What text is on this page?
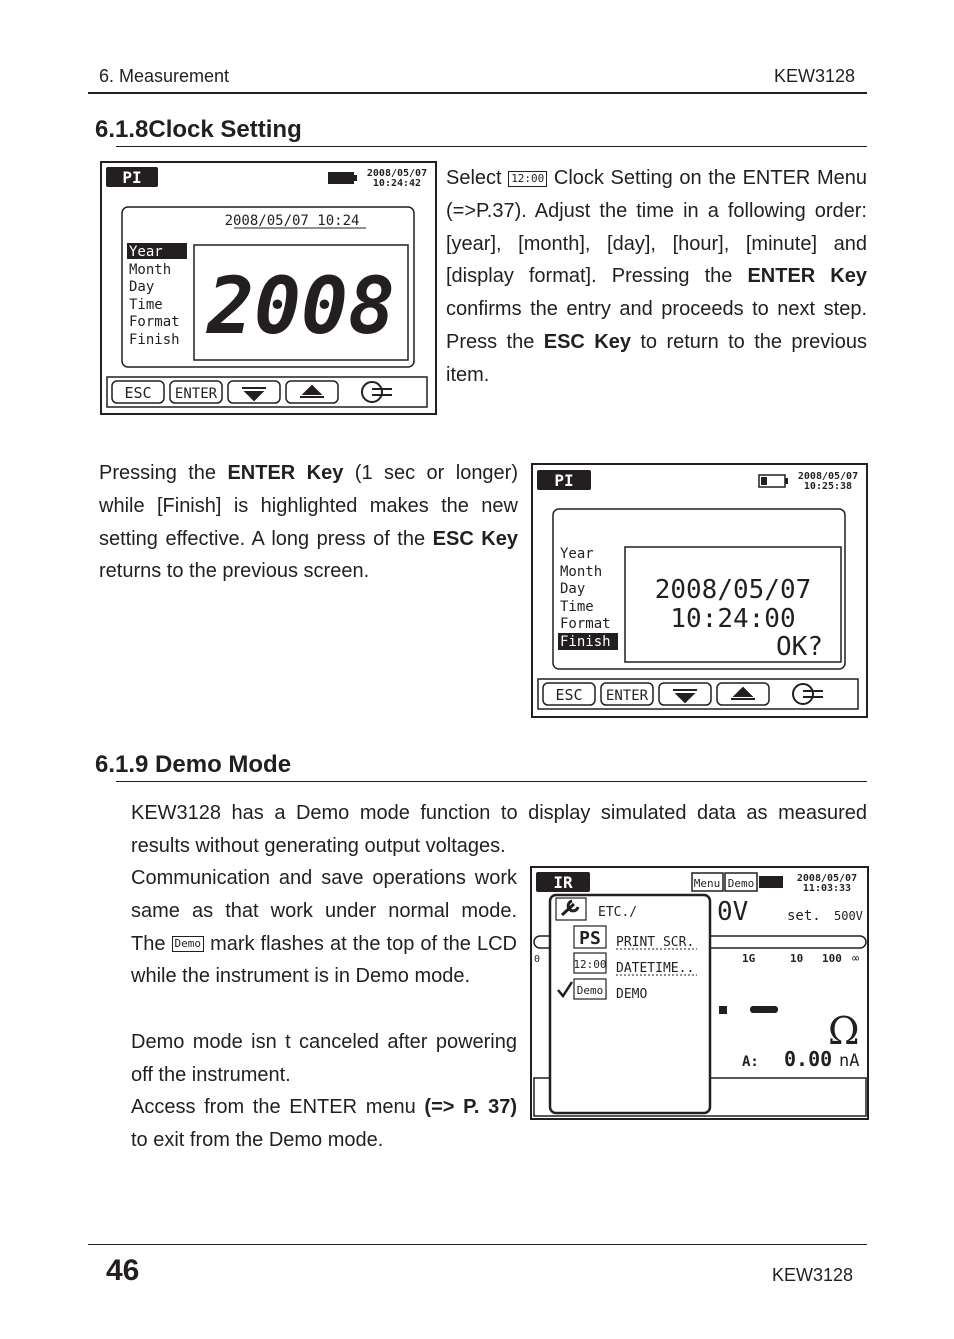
6. Measurement	KEW3128
6.1.8Clock Setting
PI	2008/05/07
10:24:42
2008/05/07 10:24
Year
Month
Day
Time
Format
Finish 2008
ESC ENTER
Select 12:00 Clock Setting on the ENTER Menu (=>P.37). Adjust the time in a following order: [year], [month], [day], [hour], [minute] and [display format]. Pressing the ENTER Key confirms the entry and proceeds to next step. Press the ESC Key to return to the previous item.
Pressing the ENTER Key (1 sec or longer) while [Finish] is highlighted makes the new setting effective. A long press of the ESC Key returns to the previous screen.
PI	2008/05/07
10:25:38
Year
Month
Day
Time
Format
Finish
2008/05/07
10:24:00
OK?
ESC ENTER
6.1.9 Demo Mode
KEW3128 has a Demo mode function to display simulated data as measured results without generating output voltages.
Communication and save operations work same as that work under normal mode. The Demo mark flashes at the top of the LCD while the instrument is in Demo mode.
Demo mode isn t canceled after powering off the instrument.
Access from the ENTER menu (=> P. 37) to exit from the Demo mode.
IR	Menu Demo	2008/05/07
11:03:33
0V	set. 500V
0	1G	10 100 ∞
Ω
A: 0.00 nA
ETC./
PS PRINT SCR.
12:00 DATETIME..
Demo DEMO
46	KEW3128
